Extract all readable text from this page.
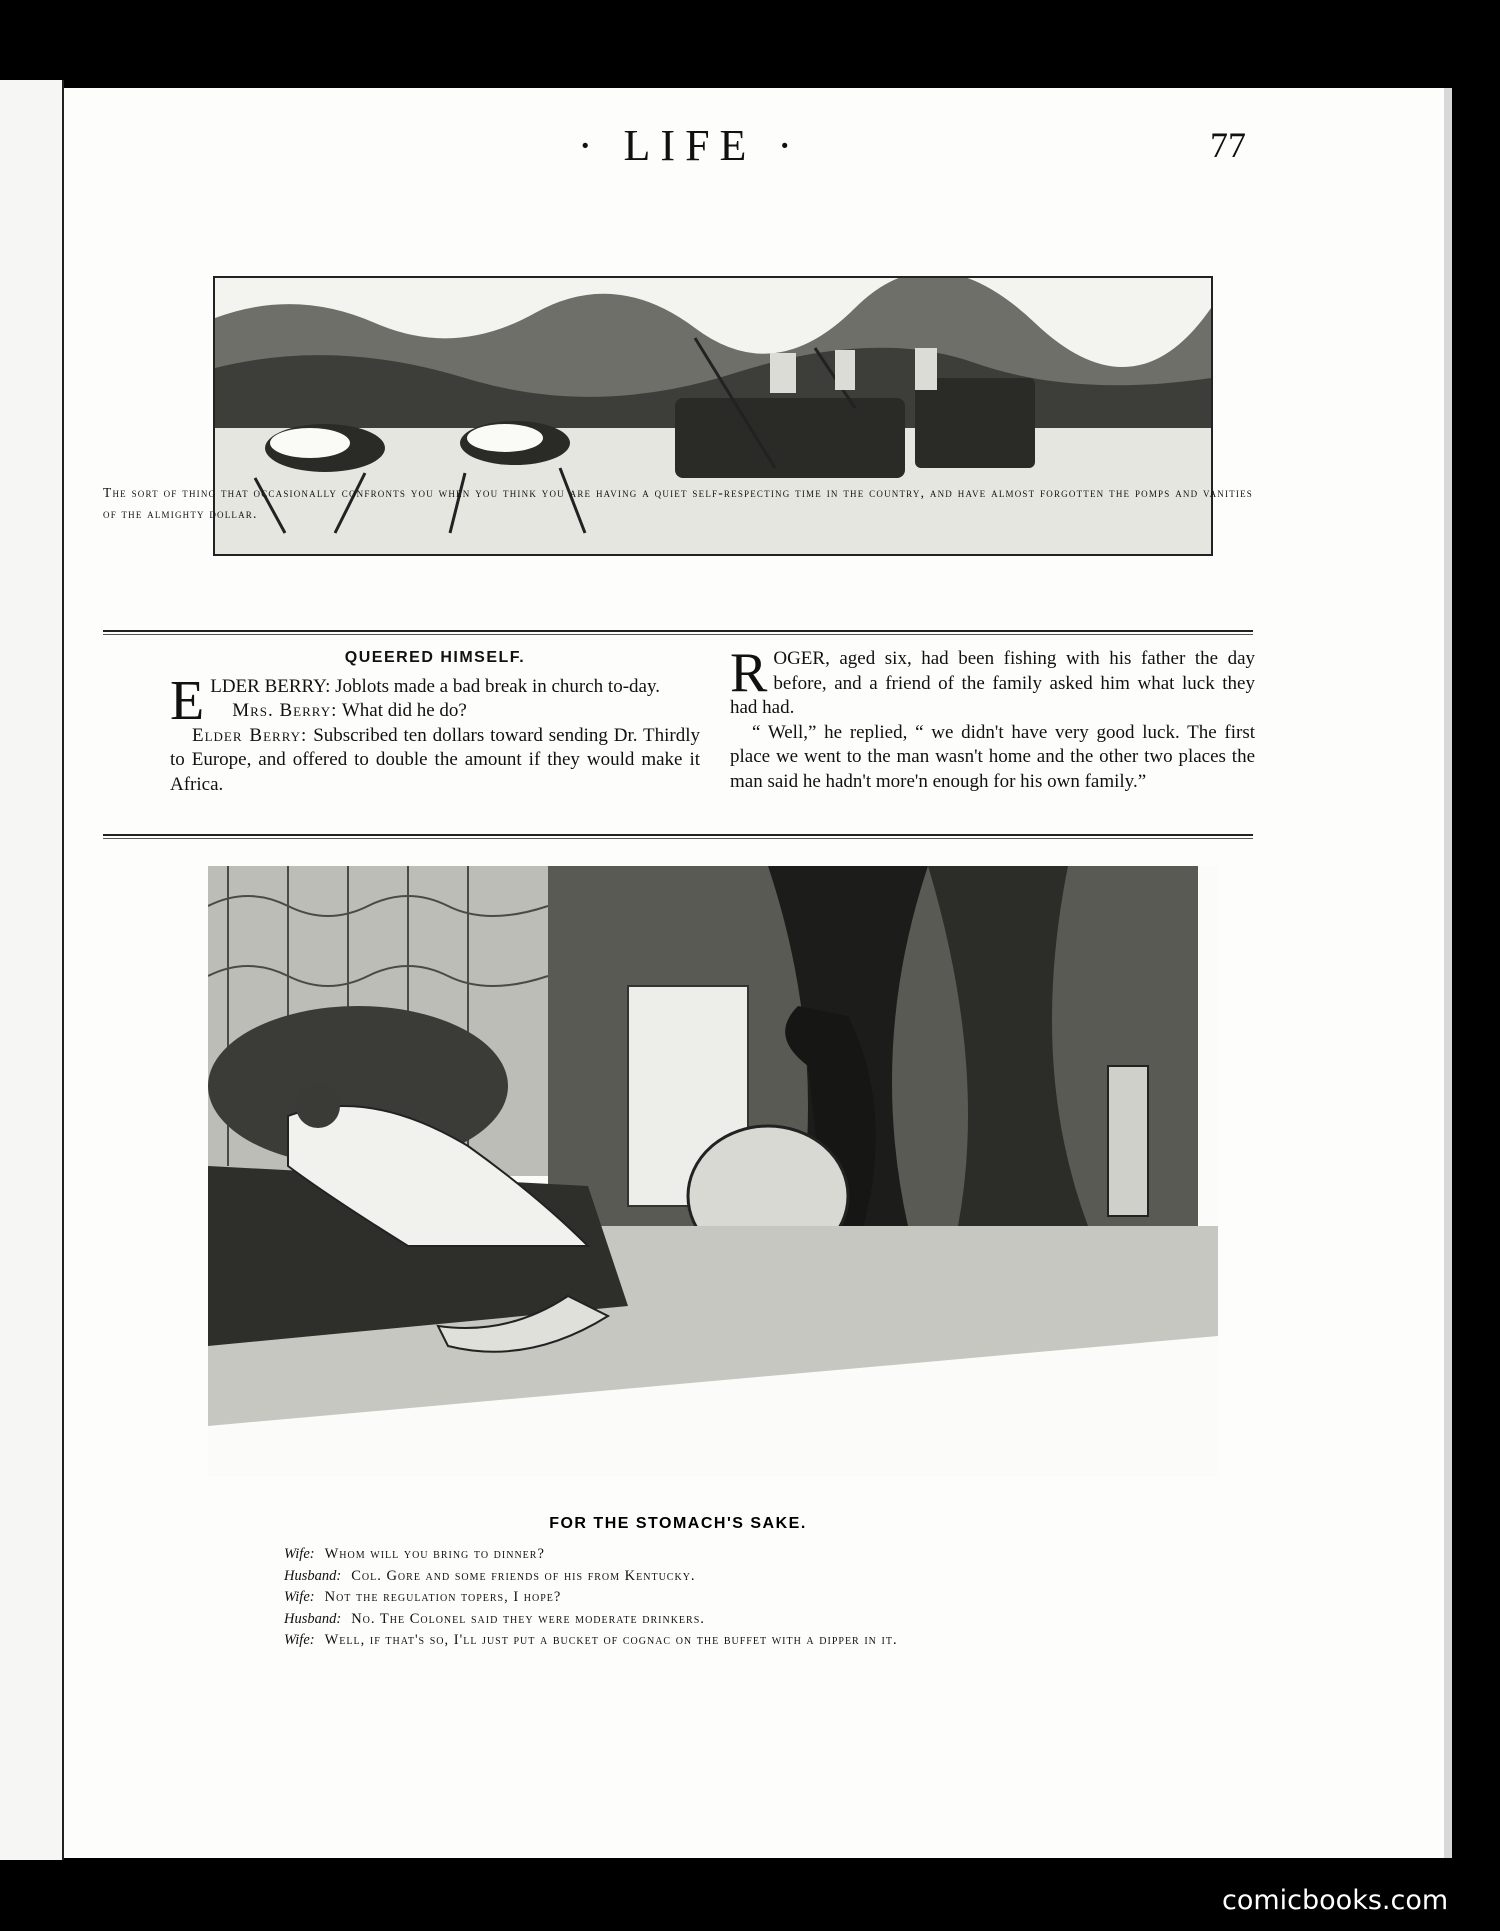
· LIFE ·	77
The sort of thing that occasionally confronts you when you think you are having a quiet self-respecting time in the country, and have almost forgotten the pomps and vanities of the almighty dollar.

QUEERED HIMSELF.

ELDER BERRY: Joblots made a bad break in church to-day.

Mrs. Berry: What did he do?

Elder Berry: Subscribed ten dollars toward sending Dr. Thirdly to Europe, and offered to double the amount if they would make it Africa.

ROGER, aged six, had been fishing with his father the day before, and a friend of the family asked him what luck they had had.

“ Well,” he replied, “ we didn't have very good luck. The first place we went to the man wasn't home and the other two places the man said he hadn't more'n enough for his own family.”

FOR THE STOMACH'S SAKE.
Wife: Whom will you bring to dinner?
Husband: Col. Gore and some friends of his from Kentucky.
Wife: Not the regulation topers, I hope?
Husband: No. The Colonel said they were moderate drinkers.
Wife: Well, if that's so, I'll just put a bucket of cognac on the buffet with a dipper in it.
comicbooks.com
